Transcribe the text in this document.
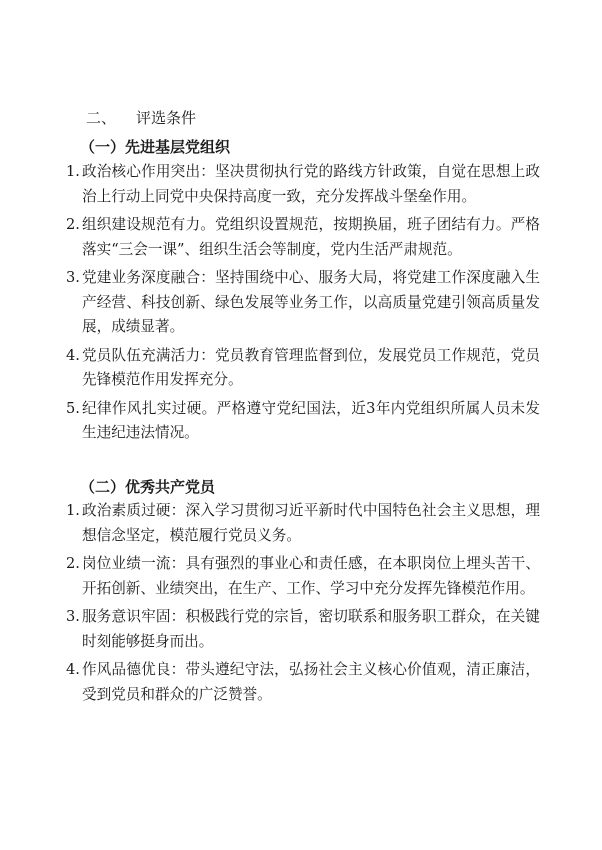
二、 评选条件
（一）先进基层党组织
1. 政治核心作用突出：坚决贯彻执行党的路线方针政策，自觉在思想上政治上行动上同党中央保持高度一致，充分发挥战斗堡垒作用。
2. 组织建设规范有力。党组织设置规范，按期换届，班子团结有力。严格落实“三会一课”、组织生活会等制度，党内生活严肃规范。
3. 党建业务深度融合：坚持围绕中心、服务大局，将党建工作深度融入生产经营、科技创新、绿色发展等业务工作，以高质量党建引领高质量发展，成绩显著。
4. 党员队伍充满活力：党员教育管理监督到位，发展党员工作规范，党员先锋模范作用发挥充分。
5. 纪律作风扎实过硬。严格遵守党纪国法，近3年内党组织所属人员未发生违纪违法情况。
（二）优秀共产党员
1. 政治素质过硬：深入学习贯彻习近平新时代中国特色社会主义思想，理想信念坚定，模范履行党员义务。
2. 岗位业绩一流：具有强烈的事业心和责任感，在本职岗位上埋头苦干、开拓创新、业绩突出，在生产、工作、学习中充分发挥先锋模范作用。
3. 服务意识牢固：积极践行党的宗旨，密切联系和服务职工群众，在关键时刻能够挺身而出。
4. 作风品德优良：带头遵纪守法，弘扬社会主义核心价值观，清正廉洁，受到党员和群众的广泛赞誉。
